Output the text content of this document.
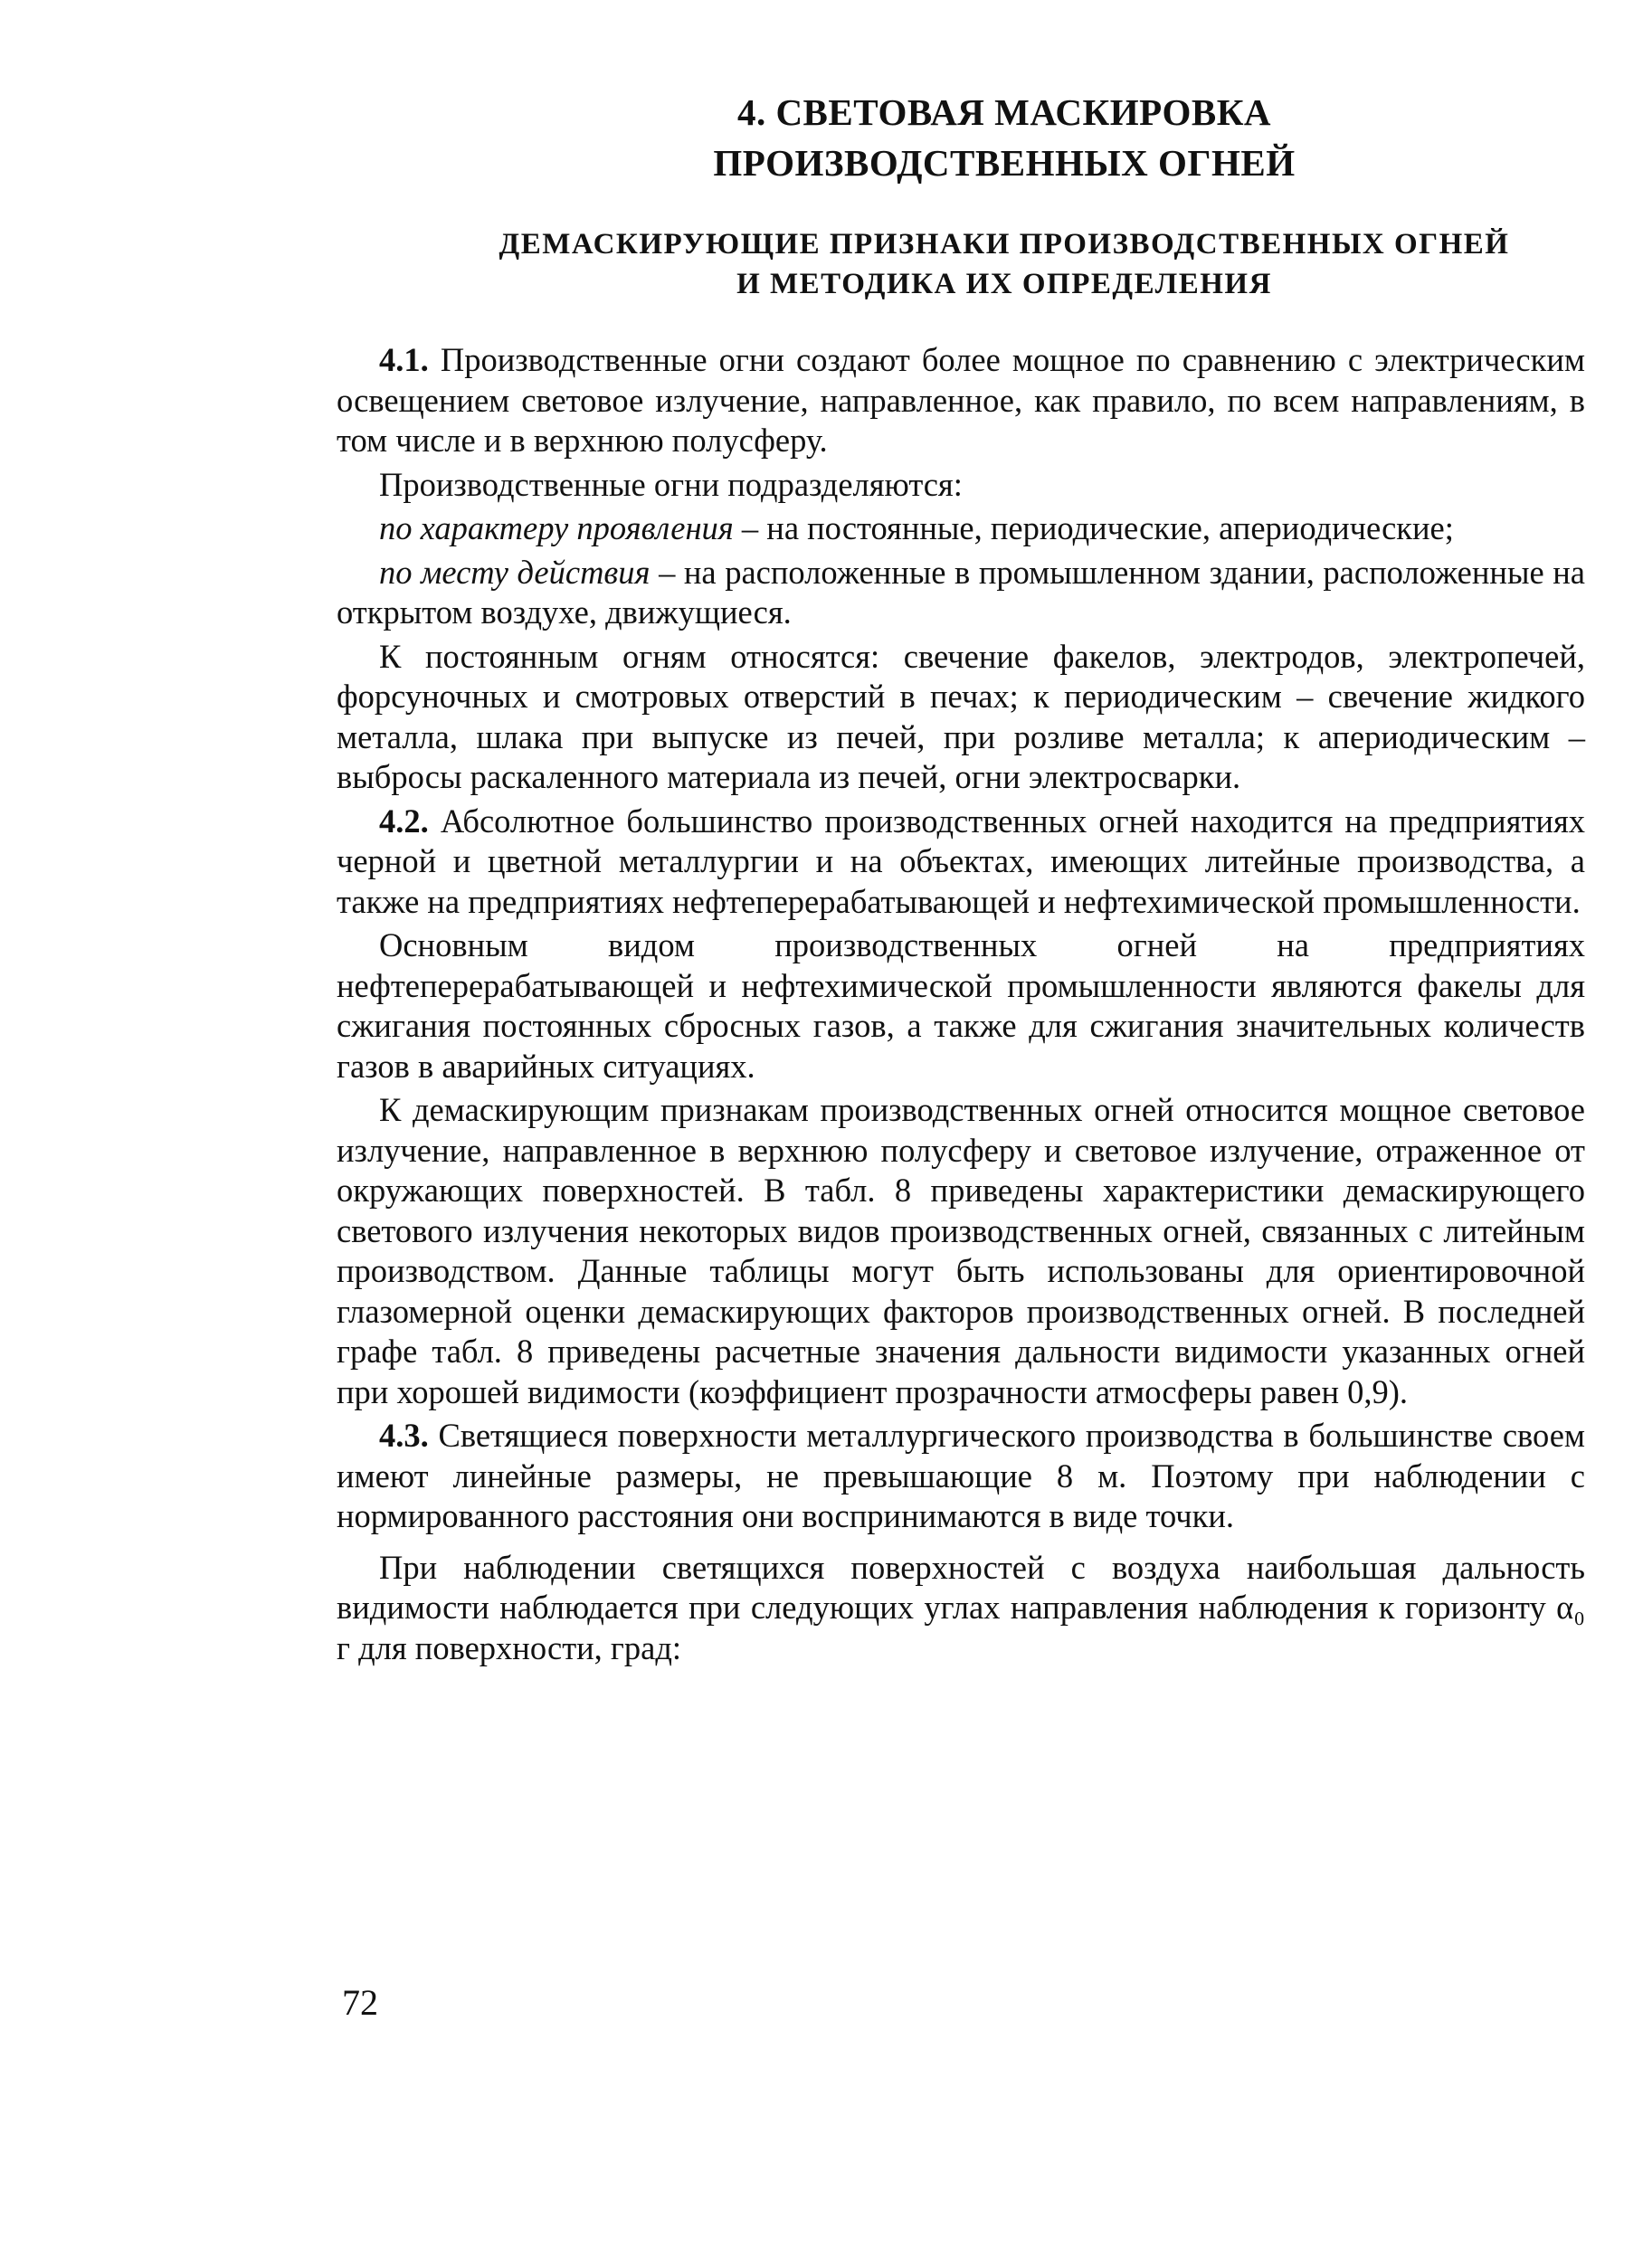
4. СВЕТОВАЯ МАСКИРОВКА
ПРОИЗВОДСТВЕННЫХ ОГНЕЙ
ДЕМАСКИРУЮЩИЕ ПРИЗНАКИ ПРОИЗВОДСТВЕННЫХ ОГНЕЙ
И МЕТОДИКА ИХ ОПРЕДЕЛЕНИЯ

4.1. Производственные огни создают более мощное по сравнению с электрическим освещением световое излучение, направленное, как правило, по всем направлениям, в том числе и в верхнюю полусферу.

Производственные огни подразделяются:

по характеру проявления – на постоянные, периодические, апериодические;

по месту действия – на расположенные в промышленном здании, расположенные на открытом воздухе, движущиеся.

К постоянным огням относятся: свечение факелов, электродов, электропечей, форсуночных и смотровых отверстий в печах; к периодическим – свечение жидкого металла, шлака при выпуске из печей, при розливе металла; к апериодическим – выбросы раскаленного материала из печей, огни электросварки.

4.2. Абсолютное большинство производственных огней находится на предприятиях черной и цветной металлургии и на объектах, имеющих литейные производства, а также на предприятиях нефтеперерабатывающей и нефтехимической промышленности.

Основным видом производственных огней на предприятиях нефтеперерабатывающей и нефтехимической промышленности являются факелы для сжигания постоянных сбросных газов, а также для сжигания значительных количеств газов в аварийных ситуациях.

К демаскирующим признакам производственных огней относится мощное световое излучение, направленное в верхнюю полусферу и световое излучение, отраженное от окружающих поверхностей. В табл. 8 приведены характеристики демаскирующего светового излучения некоторых видов производственных огней, связанных с литейным производством. Данные таблицы могут быть использованы для ориентировочной глазомерной оценки демаскирующих факторов производственных огней. В последней графе табл. 8 приведены расчетные значения дальности видимости указанных огней при хорошей видимости (коэффициент прозрачности атмосферы равен 0,9).

4.3. Светящиеся поверхности металлургического производства в большинстве своем имеют линейные размеры, не превышающие 8 м. Поэтому при наблюдении с нормированного расстояния они воспринимаются в виде точки.

При наблюдении светящихся поверхностей с воздуха наибольшая дальность видимости наблюдается при следующих углах направления наблюдения к горизонту α₀ г для поверхности, град:

72
